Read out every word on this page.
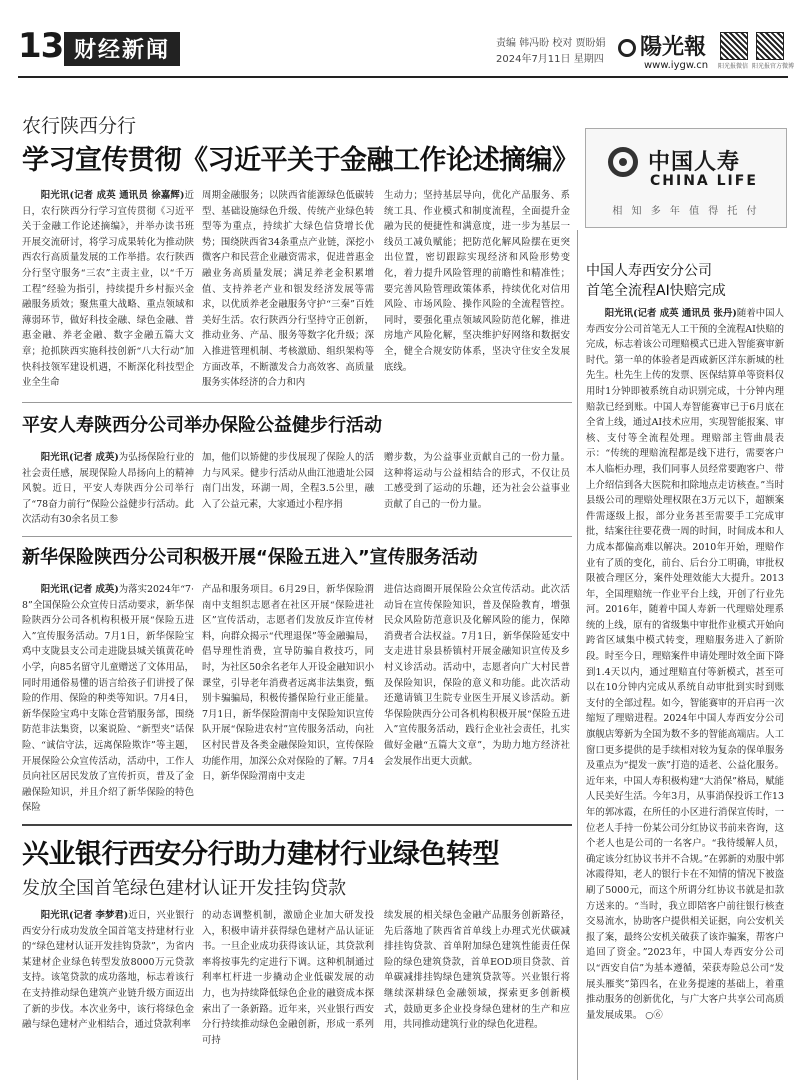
13 财经新闻	责编 韩冯盼 校对 贾盼娟
2024年7月11日 星期四	陽光報
www.iygw.cn 阳光报微信 阳光报官方微博
农行陕西分行
学习宣传贯彻《习近平关于金融工作论述摘编》

阳光讯(记者 成英 通讯员 徐嘉辉)近日，农行陕西分行学习宣传贯彻《习近平关于金融工作论述摘编》，并举办读书班开展交流研讨，将学习成果转化为推动陕西农行高质量发展的工作举措。农行陕西分行坚守服务“三农”主责主业，以“千万工程”经验为指引，持续提升乡村振兴金融服务质效；聚焦重大战略、重点领域和薄弱环节，做好科技金融、绿色金融、普惠金融、养老金融、数字金融五篇大文章；抢抓陕西实施科技创新“八大行动”加快科技领军建设机遇，不断深化科技型企业全生命

周期金融服务；以陕西省能源绿色低碳转型、基础设施绿色升级、传统产业绿色转型等为重点，持续扩大绿色信贷增长优势；围绕陕西省34条重点产业链，深挖小微客户和民营企业融资需求，促进普惠金融业务高质量发展；满足养老金积累增值、支持养老产业和银发经济发展等需求，以优质养老金融服务守护“三秦”百姓美好生活。农行陕西分行坚持守正创新，推动业务、产品、服务等数字化升级；深入推进管理机制、考核激励、组织架构等方面改革，不断激发合力高效客、高质量服务实体经济的合力和内

生动力；坚持基层导向，优化产品服务、系统工具、作业模式和制度流程，全面提升金融为民的便捷性和满意度，进一步为基层一线员工减负赋能；把防范化解风险摆在更突出位置，密切跟踪实现经济和风险形势变化，着力提升风险管理的前瞻性和精准性；要完善风险管理政策体系，持续优化对信用风险、市场风险、操作风险的全流程管控。同时，要强化重点领域风险防范化解，推进房地产风险化解，坚决维护好网络和数据安全，健全合规安防体系，坚决守住安全发展底线。

中国人寿
CHINA LIFE
相 知 多 年 值 得 托 付
平安人寿陕西分公司举办保险公益健步行活动

阳光讯(记者 成英)为弘扬保险行业的社会责任感，展现保险人昂扬向上的精神风貌。近日，平安人寿陕西分公司举行了“78奋力前行”保险公益健步行活动。此次活动有30余名员工参

加，他们以矫健的步伐展现了保险人的活力与风采。健步行活动从曲江池遗址公园南门出发，环湖一周，全程3.5公里，融入了公益元素，大家通过小程序捐

赠步数，为公益事业贡献自己的一份力量。这种将运动与公益相结合的形式，不仅让员工感受到了运动的乐趣，还为社会公益事业贡献了自己的一份力量。

新华保险陕西分公司积极开展“保险五进入”宣传服务活动

阳光讯(记者 成英)为落实2024年“7·8”全国保险公众宣传日活动要求，新华保险陕西分公司各机构积极开展“保险五进入”宣传服务活动。7月1日，新华保险宝鸡中支陇县支公司走进陇县城关镇黄花岭小学，向85名留守儿童赠送了文体用品，同时用通俗易懂的语言给孩子们讲授了保险的作用、保险的种类等知识。7月4日，新华保险宝鸡中支陈仓营销服务部，围绕防范非法集资，以案说险、“新型夹”话保险、“诚信守法，远离保险欺诈”等主题，开展保险公众宣传活动，活动中，工作人员向社区居民发放了宣传折页，普及了金融保险知识，并且介绍了新华保险的特色保险

产品和服务项目。6月29日，新华保险渭南中支组织志愿者在社区开展“保险进社区”宣传活动，志愿者们发放反诈宣传材料，向群众揭示“代理退保”等金融骗局，倡导理性消费，宣导防骗自救技巧，同时，为社区50余名老年人开设金融知识小课堂，引导老年消费者远离非法集资，甄别卡骗骗局，积极传播保险行业正能量。7月1日，新华保险渭南中支保险知识宣传队开展“保险进农村”宣传服务活动，向社区村民普及各类金融保险知识，宣传保险功能作用，加深公众对保险的了解。7月4日，新华保险渭南中支走

进信达商圈开展保险公众宣传活动。此次活动旨在宣传保险知识，普及保险教育，增强民众风险防范意识及化解风险的能力，保障消费者合法权益。7月1日，新华保险延安中支走进甘泉县桥镇村开展金融知识宣传及乡村义诊活动。活动中，志愿者向广大村民普及保险知识，保险的意义和功能。此次活动还邀请镇卫生院专业医生开展义诊活动。新华保险陕西分公司各机构积极开展“保险五进入”宣传服务活动，践行企业社会责任，扎实做好金融“五篇大文章”，为助力地方经济社会发展作出更大贡献。

兴业银行西安分行助力建材行业绿色转型
发放全国首笔绿色建材认证开发挂钩贷款

阳光讯(记者 李梦君)近日，兴业银行西安分行成功发放全国首笔支持建材行业的“绿色建材认证开发挂钩贷款”，为省内某建材企业绿色转型发放8000万元贷款支持。该笔贷款的成功落地，标志着该行在支持推动绿色建筑产业链升级方面迈出了新的步伐。本次业务中，该行将绿色金融与绿色建材产业相结合，通过贷款利率

的动态调整机制，激励企业加大研发投入，积极申请并获得绿色建材产品认证证书。一旦企业成功获得该认证，其贷款利率将按事先约定进行下调。这种机制通过利率杠杆进一步撬动企业低碳发展的动力，也为持续降低绿色企业的融资成本探索出了一条新路。近年来，兴业银行西安分行持续推动绿色金融创新，形成一系列可持

续发展的相关绿色金融产品服务创新路径，先后落地了陕西省首单线上办理式光伏碳减排挂钩贷款、首单附加绿色建筑性能责任保险的绿色建筑贷款，首单EOD项目贷款、首单碳减排挂钩绿色建筑贷款等。兴业银行将继续深耕绿色金融领域，探索更多创新模式，鼓励更多企业投身绿色建材的生产和应用，共同推动建筑行业的绿色化进程。

中国人寿西安分公司
首笔全流程AI快赔完成

阳光讯(记者 成英 通讯员 张丹)随着中国人寿西安分公司首笔无人工干预的全流程AI快赔的完成，标志着该公司理赔模式已进入智能赛审新时代。第一单的体验者是西咸新区洋东新城的杜先生。杜先生上传的发票、医保结算单等资料仅用时1分钟即被系统自动识别完成，十分钟内理赔款已经到账。中国人寿智能赛审已于6月底在全省上线，通过AI技术应用，实现智能报案、审核、支付等全流程处理。理赔部主管曲晨表示：“传统的理赔流程都是线下进行，需要客户本人临柜办理，我们同事人员经常要跑客户、带上介绍信到各大医院和扣除地点走访核查。”当时县级公司的理赔处理权限在3万元以下，超额案件需逐级上报，部分业务甚至需要手工完成审批，结案往往要花费一周的时间，时间成本和人力成本都偏高难以解决。2010年开始，理赔作业有了质的变化，前台、后台分工明确，审批权限被合理区分，案件处理效能大大提升。2013年，全国理赔统一作业平台上线，开创了行业先河。2016年，随着中国人寿新一代理赔处理系统的上线，原有的省级集中审批作业模式开始向跨省区域集中模式转变，理赔服务进入了新阶段。时至今日，理赔案件申请处理时效全面下降到1.4天以内，通过理赔直付等新模式，甚至可以在10分钟内完成从系统自动审批到实时到账支付的全部过程。如今，智能赛审的开启再一次缩短了理赔进程。2024年中国人寿西安分公司旗舰店筹新为全国为数不多的智能高端店。人工窗口更多提供的是手续相对较为复杂的保单服务及重点为“提发一族”打造的适老、公益化服务。近年来，中国人寿积极构建“大消保”格局，赋能人民美好生活。今年3月，从事消保投诉工作13年的郭冰霞，在所任的小区进行消保宣传时，一位老人手持一份某公司分红协议书前来咨询，这个老人也是公司的一名客户。“我待缓解人员，确定该分红协议书并不合规。”在郭新的劝服中郭冰霞得知，老人的银行卡在不知情的情况下被盗刷了5000元，而这个所谓分红协议书就是扣款方送来的。“当时，我立即陪客户前往银行核查交易流水，协助客户提供相关证据，向公安机关报了案，最终公安机关破获了该诈骗案，帮客户追回了资金。”2023年，中国人寿西安分公司以“西安自信”为基本遵循，荣获寿险总公司“发展头雁奖”第四名，在业务提速的基础上，着重推动服务的创新优化，与广大客户共享公司高质量发展成果。 ○⑥
